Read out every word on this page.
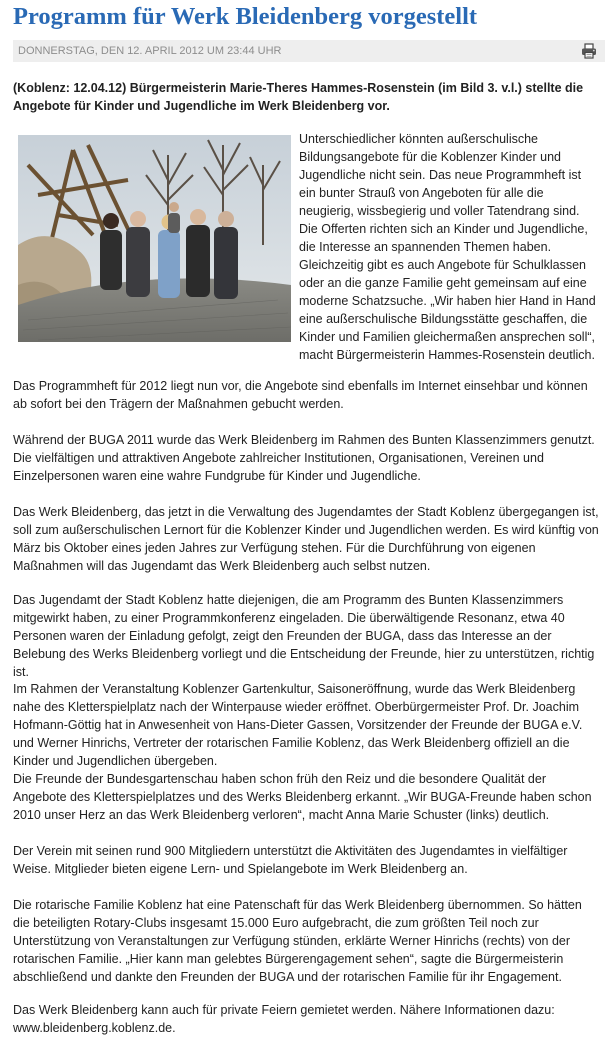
Programm für Werk Bleidenberg vorgestellt
DONNERSTAG, DEN 12. APRIL 2012 UM 23:44 UHR

(Koblenz: 12.04.12) Bürgermeisterin Marie-Theres Hammes-Rosenstein (im Bild 3. v.l.) stellte die Angebote für Kinder und Jugendliche im Werk Bleidenberg vor.

Unterschiedlicher könnten außerschulische Bildungsangebote für die Koblenzer Kinder und Jugendliche nicht sein. Das neue Programmheft ist ein bunter Strauß von Angeboten für alle die neugierig, wissbegierig und voller Tatendrang sind. Die Offerten richten sich an Kinder und Jugendliche, die Interesse an spannenden Themen haben. Gleichzeitig gibt es auch Angebote für Schulklassen oder an die ganze Familie geht gemeinsam auf eine moderne Schatzsuche. „Wir haben hier Hand in Hand eine außerschulische Bildungsstätte geschaffen, die Kinder und Familien gleichermaßen ansprechen soll“, macht Bürgermeisterin Hammes-Rosenstein deutlich.

Das Programmheft für 2012 liegt nun vor, die Angebote sind ebenfalls im Internet einsehbar und können ab sofort bei den Trägern der Maßnahmen gebucht werden.

Während der BUGA 2011 wurde das Werk Bleidenberg im Rahmen des Bunten Klassenzimmers genutzt. Die vielfältigen und attraktiven Angebote zahlreicher Institutionen, Organisationen, Vereinen und Einzelpersonen waren eine wahre Fundgrube für Kinder und Jugendliche.

Das Werk Bleidenberg, das jetzt in die Verwaltung des Jugendamtes der Stadt Koblenz übergegangen ist, soll zum außerschulischen Lernort für die Koblenzer Kinder und Jugendlichen werden. Es wird künftig von März bis Oktober eines jeden Jahres zur Verfügung stehen. Für die Durchführung von eigenen Maßnahmen will das Jugendamt das Werk Bleidenberg auch selbst nutzen.

Das Jugendamt der Stadt Koblenz hatte diejenigen, die am Programm des Bunten Klassenzimmers mitgewirkt haben, zu einer Programmkonferenz eingeladen. Die überwältigende Resonanz, etwa 40 Personen waren der Einladung gefolgt, zeigt den Freunden der BUGA, dass das Interesse an der Belebung des Werks Bleidenberg vorliegt und die Entscheidung der Freunde, hier zu unterstützen, richtig ist.

Im Rahmen der Veranstaltung Koblenzer Gartenkultur, Saisoneröffnung, wurde das Werk Bleidenberg nahe des Kletterspielplatz nach der Winterpause wieder eröffnet. Oberbürgermeister Prof. Dr. Joachim Hofmann-Göttig hat in Anwesenheit von Hans-Dieter Gassen, Vorsitzender der Freunde der BUGA e.V. und Werner Hinrichs, Vertreter der rotarischen Familie Koblenz, das Werk Bleidenberg offiziell an die Kinder und Jugendlichen übergeben.

Die Freunde der Bundesgartenschau haben schon früh den Reiz und die besondere Qualität der Angebote des Kletterspielplatzes und des Werks Bleidenberg erkannt. „Wir BUGA-Freunde haben schon 2010 unser Herz an das Werk Bleidenberg verloren“, macht Anna Marie Schuster (links) deutlich.

Der Verein mit seinen rund 900 Mitgliedern unterstützt die Aktivitäten des Jugendamtes in vielfältiger Weise. Mitglieder bieten eigene Lern- und Spielangebote im Werk Bleidenberg an.

Die rotarische Familie Koblenz hat eine Patenschaft für das Werk Bleidenberg übernommen. So hätten die beteiligten Rotary-Clubs insgesamt 15.000 Euro aufgebracht, die zum größten Teil noch zur Unterstützung von Veranstaltungen zur Verfügung stünden, erklärte Werner Hinrichs (rechts) von der rotarischen Familie. „Hier kann man gelebtes Bürgerengagement sehen“, sagte die Bürgermeisterin abschließend und dankte den Freunden der BUGA und der rotarischen Familie für ihr Engagement.

Das Werk Bleidenberg kann auch für private Feiern gemietet werden. Nähere Informationen dazu: www.bleidenberg.koblenz.de.
